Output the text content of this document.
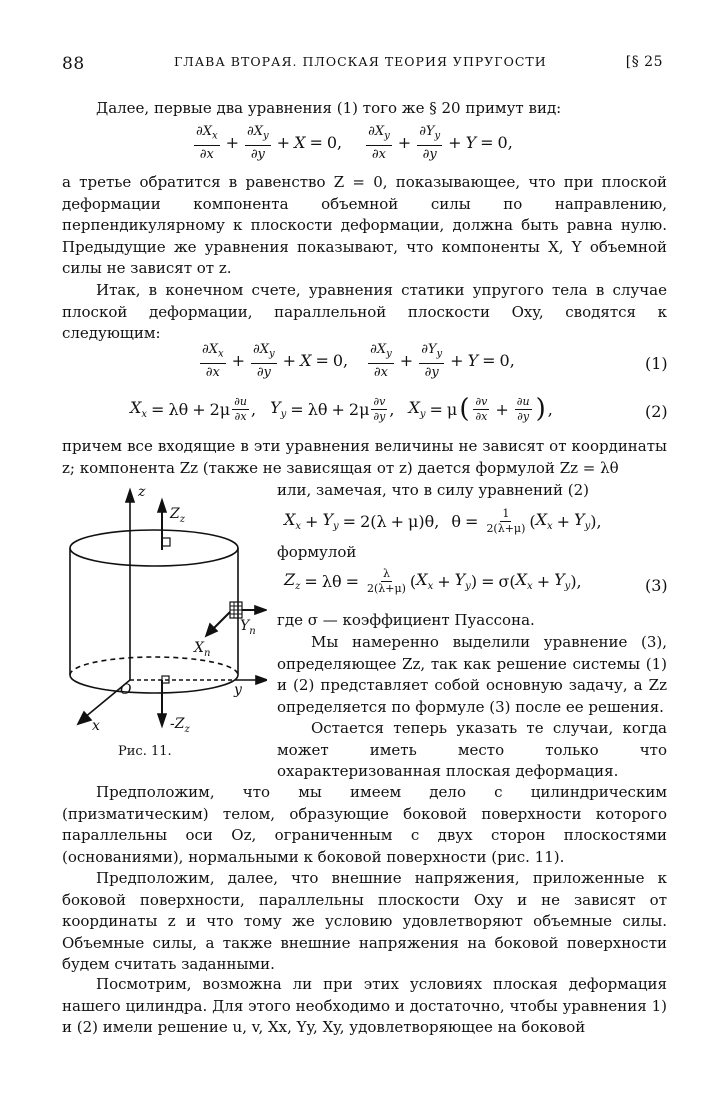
88	ГЛАВА ВТОРАЯ. ПЛОСКАЯ ТЕОРИЯ УПРУГОСТИ	[§ 25
Далее, первые два уравнения (1) того же § 20 примут вид:
$\frac{\partial X_x}{\partial x} + \frac{\partial X_y}{\partial y} + X = 0$, $\frac{\partial X_y}{\partial x} + \frac{\partial Y_y}{\partial y} + Y = 0$,
а третье обратится в равенство Z = 0, показывающее, что при плоской деформации компонента объемной силы по направлению, перпендикулярному к плоскости деформации, должна быть равна нулю. Предыдущие же уравнения показывают, что компоненты X, Y объемной силы не зависят от z.
Итак, в конечном счете, уравнения статики упругого тела в случае плоской деформации, параллельной плоскости Oxy, сводятся к следующим:
$\frac{\partial X_x}{\partial x} + \frac{\partial X_y}{\partial y} + X = 0$, $\frac{\partial X_y}{\partial x} + \frac{\partial Y_y}{\partial y} + Y = 0$,	(1)
$X_x = \lambda\theta + 2\mu \frac{\partial u}{\partial x}$ , $Y_y = \lambda\theta + 2\mu \frac{\partial v}{\partial y}$ , $X_y = \mu$ ( $\frac{\partial v}{\partial x} + \frac{\partial u}{\partial y}$ ) ,	(2)
причем все входящие в эти уравнения величины не зависят от координаты z; компонента Zz (также не зависящая от z) дается формулой Zz = λθ
z
$Z_z$
$Y_n$
$X_n$
O	y
x	$-Z_z$
Рис. 11.
или, замечая, что в силу уравнений (2)
$X_x + Y_y = 2(\lambda + \mu)\theta$,
$\theta = \frac{1}{2(\lambda+\mu)}$ ( $X_x + Y_y$ ),
формулой
$Z_z = \lambda\theta = \frac{\lambda}{2(\lambda+\mu)}$ ( $X_x + Y_y$ ) = σ( $X_x + Y_y$ ),	(3)
где σ — коэффициент Пуассона.
Мы намеренно выделили уравнение (3), определяющее Zz, так как решение системы (1) и (2) представляет собой основную задачу, а Zz определяется по формуле (3) после ее решения.
Остается теперь указать те случаи, когда может иметь место только что охарактеризованная плоская деформация.
Предположим, что мы имеем дело с цилиндрическим (призматическим) телом, образующие боковой поверхности которого параллельны оси Oz, ограниченным с двух сторон плоскостями (основаниями), нормальными к боковой поверхности (рис. 11).
Предположим, далее, что внешние напряжения, приложенные к боковой поверхности, параллельны плоскости Oxy и не зависят от координаты z и что тому же условию удовлетворяют объемные силы. Объемные силы, а также внешние напряжения на боковой поверхности будем считать заданными.
Посмотрим, возможна ли при этих условиях плоская деформация нашего цилиндра. Для этого необходимо и достаточно, чтобы уравнения 1) и (2) имели решение u, v, Xx, Yy, Xy, удовлетворяющее на боковой
